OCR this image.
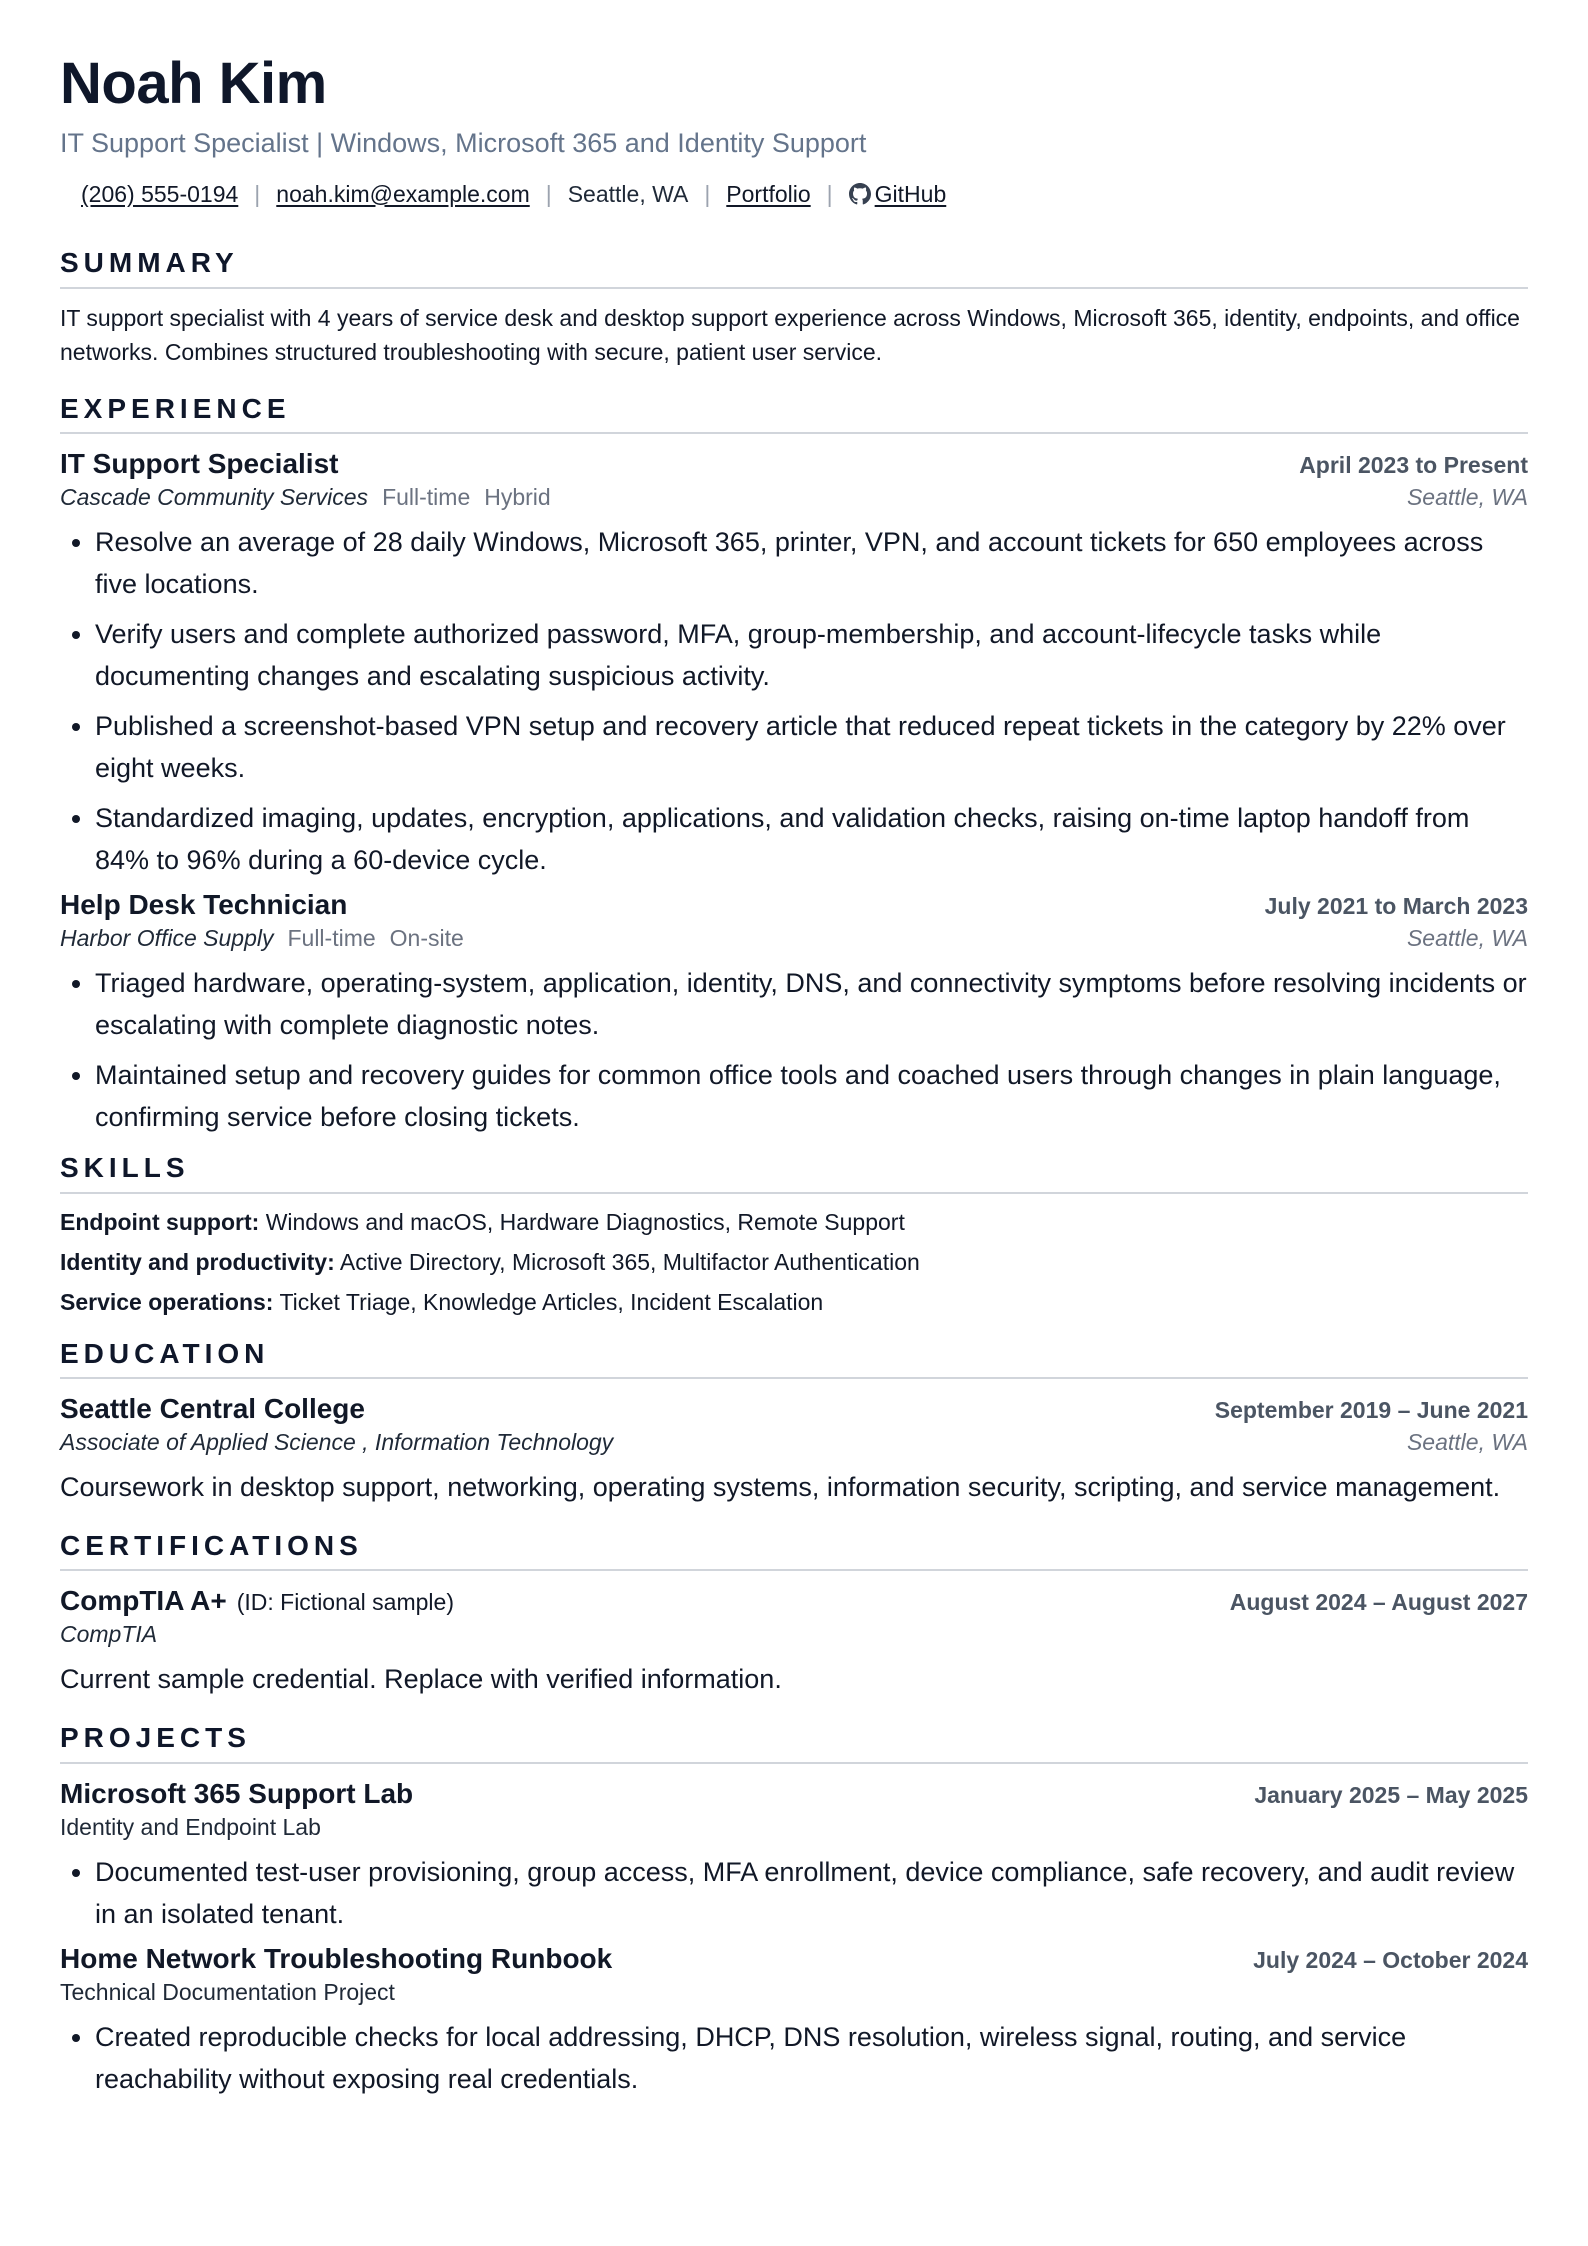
Noah Kim
IT Support Specialist | Windows, Microsoft 365 and Identity Support
(206) 555-0194 | noah.kim@example.com | Seattle, WA | Portfolio | GitHub
SUMMARY
IT support specialist with 4 years of service desk and desktop support experience across Windows, Microsoft 365, identity, endpoints, and office networks. Combines structured troubleshooting with secure, patient user service.
EXPERIENCE
IT Support Specialist	April 2023 to Present
Cascade Community Services Full-time Hybrid	Seattle, WA
• Resolve an average of 28 daily Windows, Microsoft 365, printer, VPN, and account tickets for 650 employees across five locations.
• Verify users and complete authorized password, MFA, group-membership, and account-lifecycle tasks while documenting changes and escalating suspicious activity.
• Published a screenshot-based VPN setup and recovery article that reduced repeat tickets in the category by 22% over eight weeks.
• Standardized imaging, updates, encryption, applications, and validation checks, raising on-time laptop handoff from 84% to 96% during a 60-device cycle.
Help Desk Technician	July 2021 to March 2023
Harbor Office Supply Full-time On-site	Seattle, WA
• Triaged hardware, operating-system, application, identity, DNS, and connectivity symptoms before resolving incidents or escalating with complete diagnostic notes.
• Maintained setup and recovery guides for common office tools and coached users through changes in plain language, confirming service before closing tickets.
SKILLS
Endpoint support: Windows and macOS, Hardware Diagnostics, Remote Support
Identity and productivity: Active Directory, Microsoft 365, Multifactor Authentication
Service operations: Ticket Triage, Knowledge Articles, Incident Escalation
EDUCATION
Seattle Central College	September 2019 – June 2021
Associate of Applied Science , Information Technology	Seattle, WA
Coursework in desktop support, networking, operating systems, information security, scripting, and service management.
CERTIFICATIONS
CompTIA A+ (ID: Fictional sample)	August 2024 – August 2027
CompTIA
Current sample credential. Replace with verified information.
PROJECTS
Microsoft 365 Support Lab	January 2025 – May 2025
Identity and Endpoint Lab
• Documented test-user provisioning, group access, MFA enrollment, device compliance, safe recovery, and audit review in an isolated tenant.
Home Network Troubleshooting Runbook	July 2024 – October 2024
Technical Documentation Project
• Created reproducible checks for local addressing, DHCP, DNS resolution, wireless signal, routing, and service reachability without exposing real credentials.
